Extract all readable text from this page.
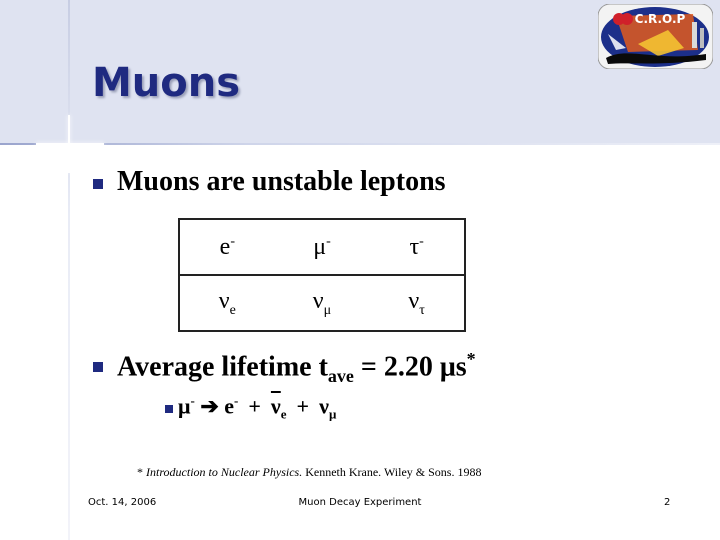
Muons
C.R.O.P
Muons are unstable leptons
e-	μ-	τ-
$\nu_e$	$\nu_\mu$	$\nu_\tau$
Average lifetime $t_{ave} = 2.20$ μs*
μ- ➔ $e^- + \overline{\nu}_e + \nu_\mu$
* Introduction to Nuclear Physics. Kenneth Krane. Wiley & Sons. 1988
Oct. 14, 2006	Muon Decay Experiment	2
